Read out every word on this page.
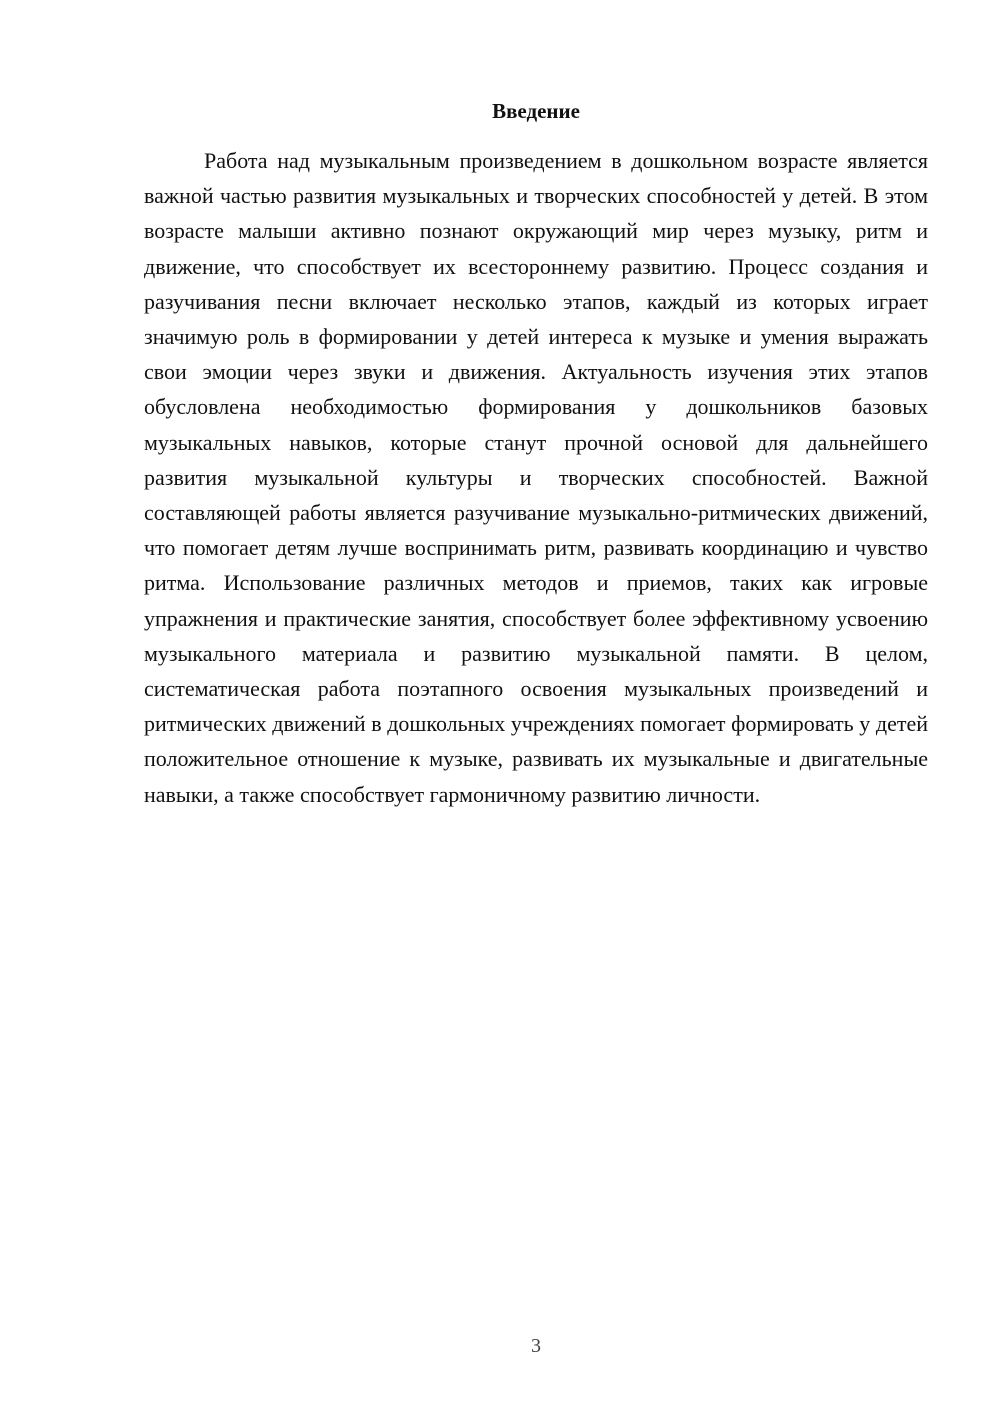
Введение

Работа над музыкальным произведением в дошкольном возрасте является важной частью развития музыкальных и творческих способностей у детей. В этом возрасте малыши активно познают окружающий мир через музыку, ритм и движение, что способствует их всестороннему развитию. Процесс создания и разучивания песни включает несколько этапов, каждый из которых играет значимую роль в формировании у детей интереса к музыке и умения выражать свои эмоции через звуки и движения. Актуальность изучения этих этапов обусловлена необходимостью формирования у дошкольников базовых музыкальных навыков, которые станут прочной основой для дальнейшего развития музыкальной культуры и творческих способностей. Важной составляющей работы является разучивание музыкально-ритмических движений, что помогает детям лучше воспринимать ритм, развивать координацию и чувство ритма. Использование различных методов и приемов, таких как игровые упражнения и практические занятия, способствует более эффективному усвоению музыкального материала и развитию музыкальной памяти. В целом, систематическая работа поэтапного освоения музыкальных произведений и ритмических движений в дошкольных учреждениях помогает формировать у детей положительное отношение к музыке, развивать их музыкальные и двигательные навыки, а также способствует гармоничному развитию личности.

3
